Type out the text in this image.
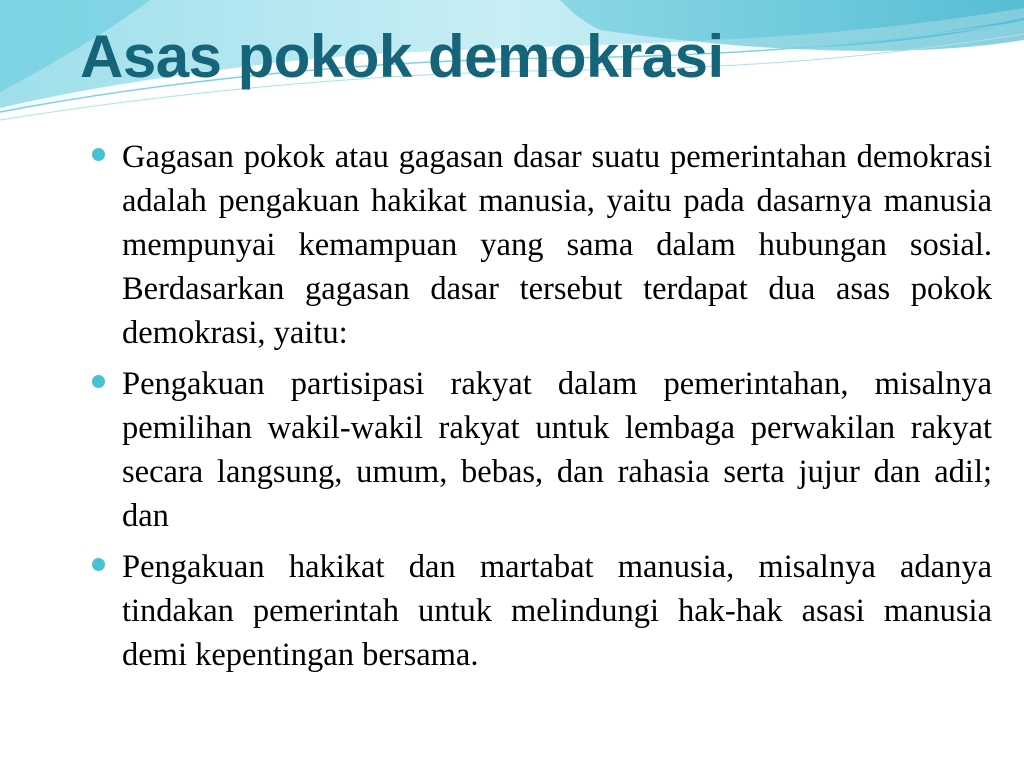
Asas pokok demokrasi
Gagasan pokok atau gagasan dasar suatu pemerintahan demokrasi adalah pengakuan hakikat manusia, yaitu pada dasarnya manusia mempunyai kemampuan yang sama dalam hubungan sosial. Berdasarkan gagasan dasar tersebut terdapat dua asas pokok demokrasi, yaitu:
Pengakuan partisipasi rakyat dalam pemerintahan, misalnya pemilihan wakil-wakil rakyat untuk lembaga perwakilan rakyat secara langsung, umum, bebas, dan rahasia serta jujur dan adil; dan
Pengakuan hakikat dan martabat manusia, misalnya adanya tindakan pemerintah untuk melindungi hak-hak asasi manusia demi kepentingan bersama.
